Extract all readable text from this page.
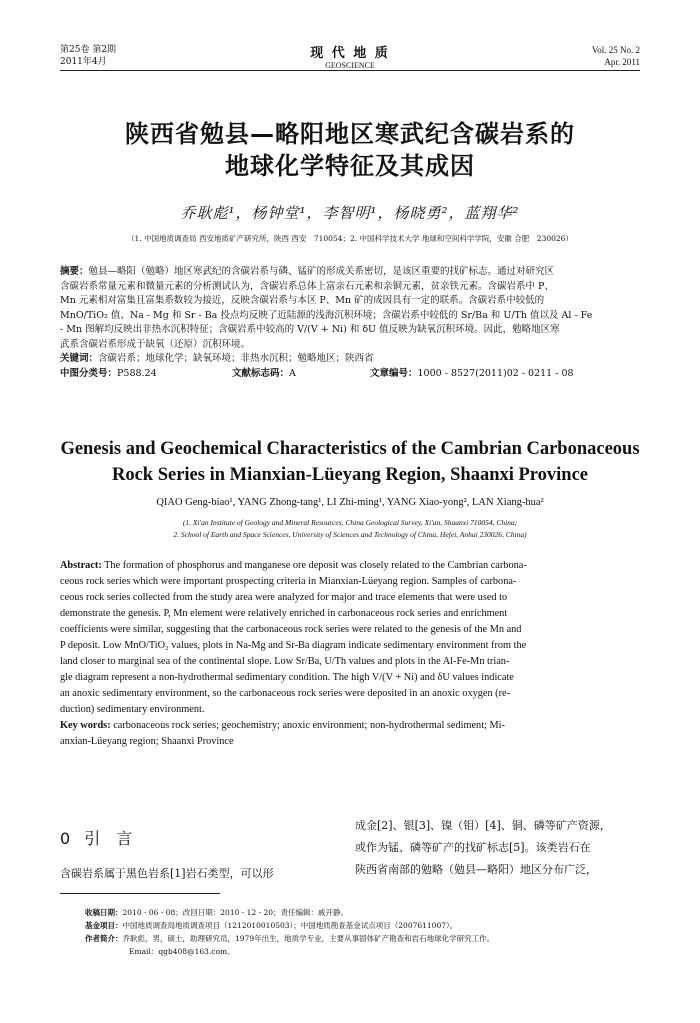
第25卷 第2期
2011年4月
现 代 地 质
GEOSCIENCE
Vol. 25 No. 2
Apr. 2011
陕西省勉县—略阳地区寒武纪含碳岩系的
地球化学特征及其成因
乔耿彪¹，杨钟堂¹，李智明¹，杨晓勇²，蓝翔华²
（1. 中国地质调查局 西安地质矿产研究所，陕西 西安　710054；2. 中国科学技术大学 地球和空间科学学院，安徽 合肥　230026）
摘要：勉县—略阳（勉略）地区寒武纪的含碳岩系与磷、锰矿的形成关系密切，是该区重要的找矿标志。通过对研究区
含碳岩系常量元素和微量元素的分析测试认为，含碳岩系总体上富亲石元素和亲铜元素，贫亲铁元素。含碳岩系中 P、
Mn 元素相对富集且富集系数较为接近，反映含碳岩系与本区 P、Mn 矿的成因具有一定的联系。含碳岩系中较低的
MnO/TiO₂ 值、Na - Mg 和 Sr - Ba 投点均反映了近陆源的浅海沉积环境；含碳岩系中较低的 Sr/Ba 和 U/Th 值以及 Al - Fe
- Mn 图解均反映出非热水沉积特征；含碳岩系中较高的 V/(V + Ni) 和 δU 值反映为缺氧沉积环境。因此，勉略地区寒
武系含碳岩系形成于缺氧（还原）沉积环境。
关键词：含碳岩系；地球化学；缺氧环境；非热水沉积；勉略地区；陕西省
中图分类号：P588.24	文献标志码：A	文章编号：1000 - 8527(2011)02 - 0211 - 08
Genesis and Geochemical Characteristics of the Cambrian Carbonaceous
Rock Series in Mianxian-Lüeyang Region, Shaanxi Province
QIAO Geng-biao¹, YANG Zhong-tang¹, LI Zhi-ming¹, YANG Xiao-yong², LAN Xiang-hua²
(1. Xi'an Institute of Geology and Mineral Resources, China Geological Survey, Xi'an, Shaanxi 710054, China;
2. School of Earth and Space Sciences, University of Sciences and Technology of China, Hefei, Anhui 230026, China)
Abstract: The formation of phosphorus and manganese ore deposit was closely related to the Cambrian carbona-
ceous rock series which were important prospecting criteria in Mianxian-Lüeyang region. Samples of carbona-
ceous rock series collected from the study area were analyzed for major and trace elements that were used to
demonstrate the genesis. P, Mn element were relatively enriched in carbonaceous rock series and enrichment
coefficients were similar, suggesting that the carbonaceous rock series were related to the genesis of the Mn and
P deposit. Low MnO/TiO₂ values, plots in Na-Mg and Sr-Ba diagram indicate sedimentary environment from the
land closer to marginal sea of the continental slope. Low Sr/Ba, U/Th values and plots in the Al-Fe-Mn trian-
gle diagram represent a non-hydrothermal sedimentary condition. The high V/(V + Ni) and δU values indicate
an anoxic sedimentary environment, so the carbonaceous rock series were deposited in an anoxic oxygen (re-
duction) sedimentary environment.
Key words: carbonaceous rock series; geochemistry; anoxic environment; non-hydrothermal sediment; Mi-
anxian-Lüeyang region; Shaanxi Province
0 引　言
含碳岩系属于黑色岩系[1]岩石类型，可以形
成金[2]、银[3]、镍（钼）[4]、铜、磷等矿产资源，
或作为锰、磷等矿产的找矿标志[5]。该类岩石在
陕西省南部的勉略（勉县—略阳）地区分布广泛，
收稿日期：2010 - 06 - 08；改回日期：2010 - 12 - 20；责任编辑：戚开静。
基金项目：中国地质调查局地质调查项目（1212010010503）；中国地质勘查基金试点项目（2007611007）。
作者简介：乔耿彪，男，硕士，助理研究员，1979年出生，地质学专业，主要从事固体矿产勘查和岩石地球化学研究工作。
Email：qgb408@163.com。
